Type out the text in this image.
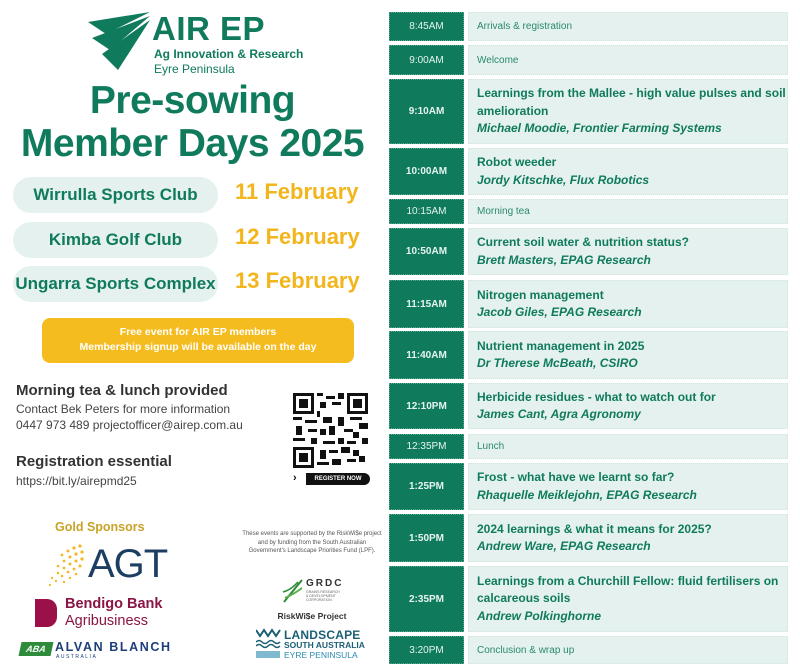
AIR EP
Ag Innovation & Research
Eyre Peninsula
Pre-sowing
Member Days 2025
Wirrulla Sports Club	11 February
Kimba Golf Club	12 February
Ungarra Sports Complex 13 February
Free event for AIR EP members
Membership signup will be available on the day
Morning tea & lunch provided
Contact Bek Peters for more information
0447 973 489 projectofficer@airep.com.au
Registration essential
https://bit.ly/airepmd25	›	REGISTER NOW
Gold Sponsors
AGT
Bendigo Bank
Agribusiness
ABA ALVAN BLANCH
AUSTRALIA
These events are supported by the RiskWi$e project and by funding from the South Australian Government's Landscape Priorities Fund (LPF).
GRDC
GRAINS RESEARCH & DEVELOPMENT CORPORATION
RiskWi$e Project
LANDSCAPE
SOUTH AUSTRALIA
EYRE PENINSULA
8:45AM	Arrivals & registration
9:00AM	Welcome
9:10AM
Learnings from the Mallee - high value pulses and soil amelioration
Michael Moodie, Frontier Farming Systems
10:00AM
Robot weeder
Jordy Kitschke, Flux Robotics
10:15AM	Morning tea
10:50AM
Current soil water & nutrition status?
Brett Masters, EPAG Research
11:15AM
Nitrogen management
Jacob Giles, EPAG Research
11:40AM
Nutrient management in 2025
Dr Therese McBeath, CSIRO
12:10PM
Herbicide residues - what to watch out for
James Cant, Agra Agronomy
12:35PM	Lunch
1:25PM
Frost - what have we learnt so far?
Rhaquelle Meiklejohn, EPAG Research
1:50PM
2024 learnings & what it means for 2025?
Andrew Ware, EPAG Research
2:35PM
Learnings from a Churchill Fellow: fluid fertilisers on calcareous soils
Andrew Polkinghorne
3:20PM	Conclusion & wrap up
